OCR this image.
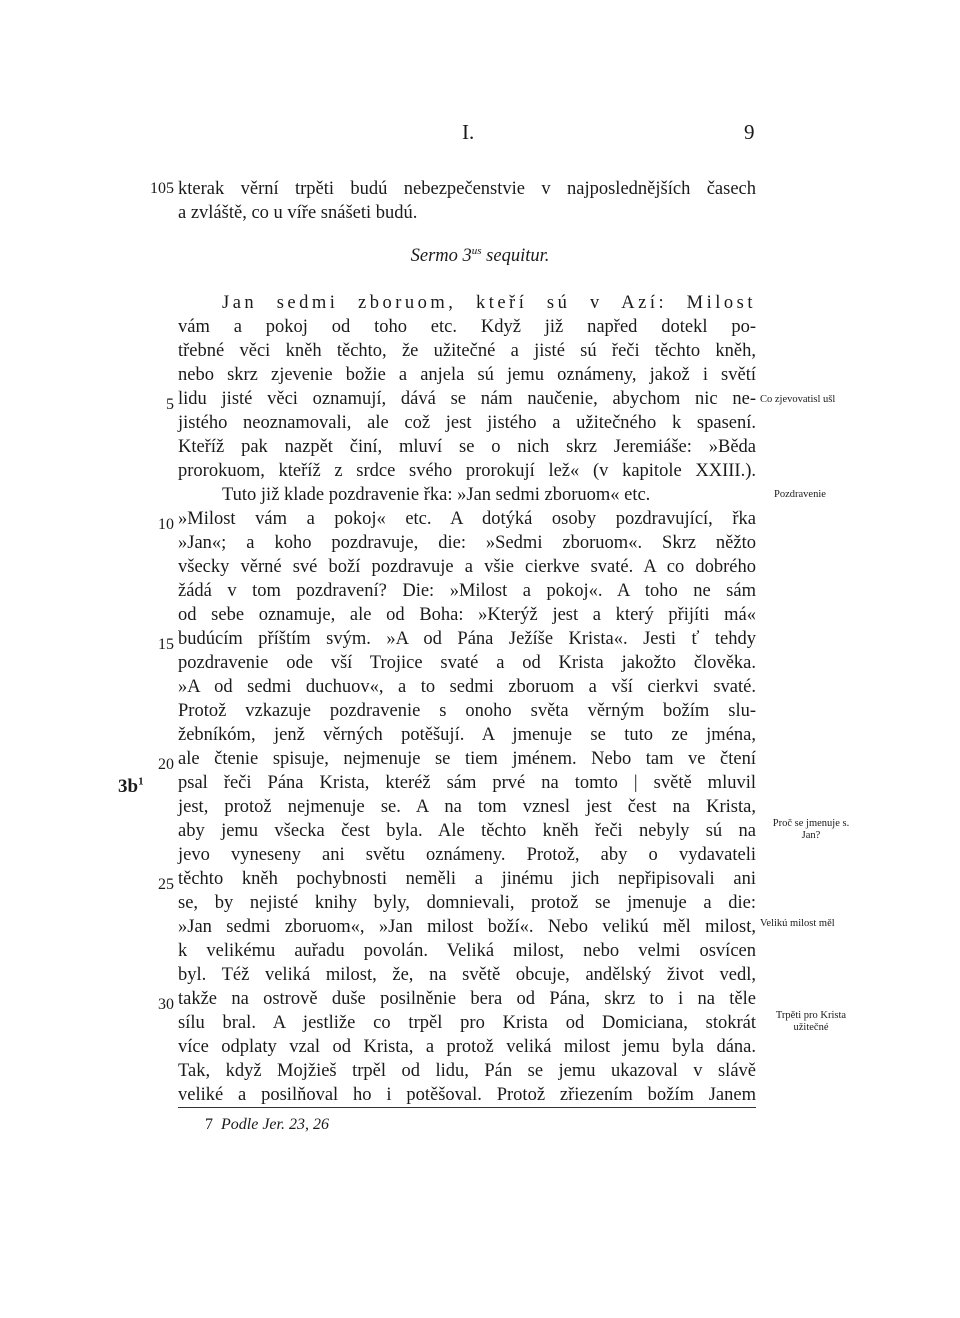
I.	9
105
5
10
15
20
25
30
$3b^1$
kterak věrní trpěti budú nebezpečenstvie v najposlednějších časech
a zvláště, co u víře snášeti budú.
Sermo $3^{us}$ sequitur.
Jan sedmi zboruom, kteří sú v Azí: Milost
vám a pokoj od toho etc. Když již napřed dotekl po-
třebné věci kněh těchto, že užitečné a jisté sú řeči těchto kněh,
nebo skrz zjevenie božie a anjela sú jemu oznámeny, jakož i světí
lidu jisté věci oznamují, dává se nám naučenie, abychom nic ne-
jistého neoznamovali, ale což jest jistého a užitečného k spasení.
Kteříž pak nazpět činí, mluví se o nich skrz Jeremiáše: »Běda
prorokuom, kteříž z srdce svého prorokují lež« (v kapitole XXIII.).
Tuto již klade pozdravenie řka: »Jan sedmi zboruom« etc.
»Milost vám a pokoj« etc. A dotýká osoby pozdravující, řka
»Jan«; a koho pozdravuje, die: »Sedmi zboruom«. Skrz něžto
všecky věrné své boží pozdravuje a všie cierkve svaté. A co dobrého
žádá v tom pozdravení? Die: »Milost a pokoj«. A toho ne sám
od sebe oznamuje, ale od Boha: »Kterýž jest a který přijíti má«
budúcím příštím svým. »A od Pána Ježíše Krista«. Jesti ť tehdy
pozdravenie ode vší Trojice svaté a od Krista jakožto člověka.
»A od sedmi duchuov«, a to sedmi zboruom a vší cierkvi svaté.
Protož vzkazuje pozdravenie s onoho světa věrným božím slu-
žebníkóm, jenž věrných potěšují. A jmenuje se tuto ze jména,
ale čtenie spisuje, nejmenuje se tiem jménem. Nebo tam ve čtení
psal řeči Pána Krista, kteréž sám prvé na tomto | světě mluvil
jest, protož nejmenuje se. A na tom vznesl jest čest na Krista,
aby jemu všecka čest byla. Ale těchto kněh řeči nebyly sú na
jevo vyneseny ani světu oznámeny. Protož, aby o vydavateli
těchto kněh pochybnosti neměli a jinému jich nepřipisovali ani
se, by nejisté knihy byly, domnievali, protož se jmenuje a die:
»Jan sedmi zboruom«, »Jan milost boží«. Nebo velikú měl milost,
k velikému auřadu povolán. Veliká milost, nebo velmi osvícen
byl. Též veliká milost, že, na světě obcuje, andělský život vedl,
takže na ostrově duše posilněnie bera od Pána, skrz to i na těle
sílu bral. A jestliže co trpěl pro Krista od Domiciana, stokrát
více odplaty vzal od Krista, a protož veliká milost jemu byla dána.
Tak, když Mojžieš trpěl od lidu, Pán se jemu ukazoval v slávě
veliké a posilňoval ho i potěšoval. Protož zřiezením božím Janem
Co zjevovatisl ušl
Pozdravenie
Proč se jmenuje s.
Jan?
Velikú milost měl
Trpěti pro Krista
užitečné
7 Podle Jer. 23, 26
